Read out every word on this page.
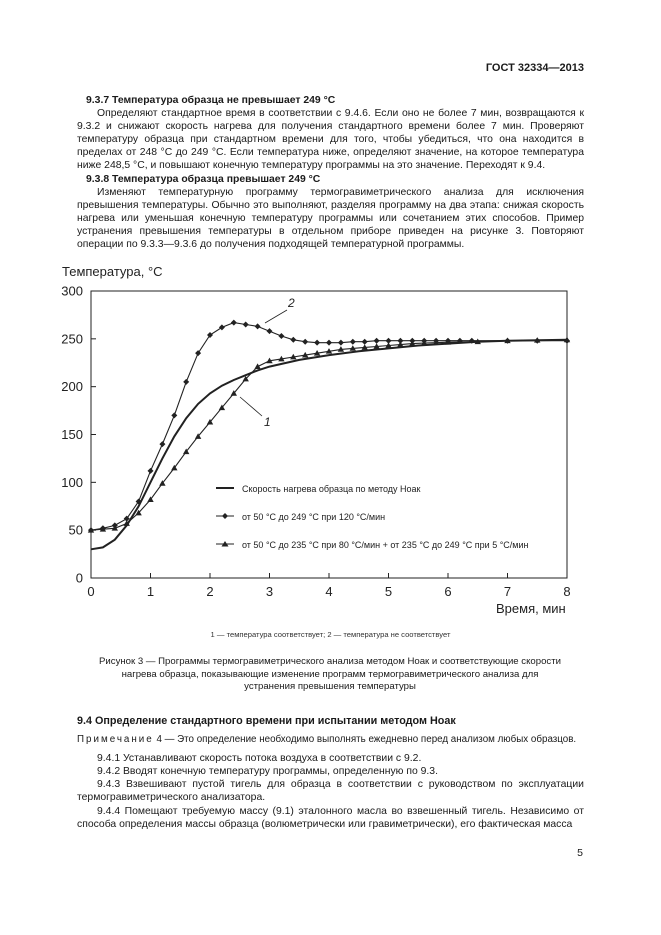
ГОСТ 32334—2013

9.3.7 Температура образца не превышает 249 °C

Определяют стандартное время в соответствии с 9.4.6. Если оно не более 7 мин, возвращаются к 9.3.2 и снижают скорость нагрева для получения стандартного времени более 7 мин. Проверяют температуру образца при стандартном времени для того, чтобы убедиться, что она находится в пределах от 248 °C до 249 °C. Если температура ниже, определяют значение, на которое температура ниже 248,5 °C, и повышают конечную температуру программы на это значение. Переходят к 9.4.

9.3.8 Температура образца превышает 249 °C

Изменяют температурную программу термогравиметрического анализа для исключения превышения температуры. Обычно это выполняют, разделяя программу на два этапа: снижая скорость нагрева или уменьшая конечную температуру программы или сочетанием этих способов. Пример устранения превышения температуры в отдельном приборе приведен на рисунке 3. Повторяют операции по 9.3.3—9.3.6 до получения подходящей температурной программы.

Температура, °С
Время, мин
0	1	2	3	4	5	6	7	8
0
50
100
150
200
250
300
Скорость нагрева образца по методу Ноак
от 50 °С до 249 °С при 120 °С/мин
от 50 °С до 235 °С при 80 °С/мин + от 235 °С до 249 °С при 5 °С/мин
2
1
1 — температура соответствует; 2 — температура не соответствует
Рисунок 3 — Программы термогравиметрического анализа методом Ноак и соответствующие скорости нагрева образца, показывающие изменение программ термогравиметрического анализа для устранения превышения температуры

9.4 Определение стандартного времени при испытании методом Ноак

Примечание 4 — Это определение необходимо выполнять ежедневно перед анализом любых образцов.

9.4.1 Устанавливают скорость потока воздуха в соответствии с 9.2.

9.4.2 Вводят конечную температуру программы, определенную по 9.3.

9.4.3 Взвешивают пустой тигель для образца в соответствии с руководством по эксплуатации термогравиметрического анализатора.

9.4.4 Помещают требуемую массу (9.1) эталонного масла во взвешенный тигель. Независимо от способа определения массы образца (волюметрически или гравиметрически), его фактическая масса

5
